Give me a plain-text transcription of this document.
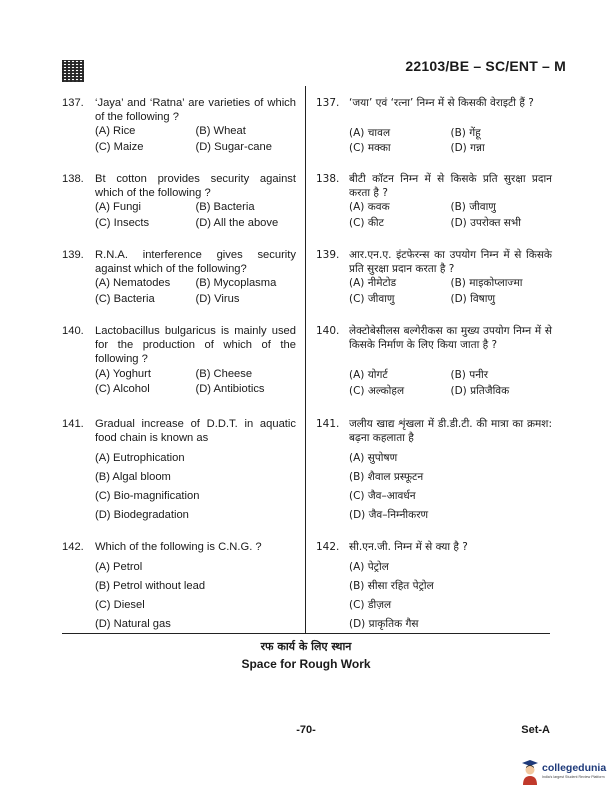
22103/BE – SC/ENT – M
137.	‘Jaya’ and ‘Ratna’ are varieties of which of the following ?
(A) Rice	(B) Wheat
(C) Maize	(D) Sugar-cane
138.	Bt cotton provides security against which of the following ?
(A) Fungi	(B) Bacteria
(C) Insects	(D) All the above
139.	R.N.A. interference gives security against which of the following?
(A) Nematodes	(B) Mycoplasma
(C) Bacteria	(D) Virus
140.	Lactobacillus bulgaricus is mainly used for the production of which of the following ?
(A) Yoghurt	(B) Cheese
(C) Alcohol	(D) Antibiotics
141.	Gradual increase of D.D.T. in aquatic food chain is known as
(A) Eutrophication
(B) Algal bloom
(C) Bio-magnification
(D) Biodegradation
142.	Which of the following is C.N.G. ?
(A) Petrol
(B) Petrol without lead
(C) Diesel
(D) Natural gas
137. ‘जया’ एवं ‘रत्ना’ निम्न में से किसकी वेराइटी हैं ?
(A) चावल	(B) गेंहू
(C) मक्का	(D) गन्ना
138. बीटी कॉटन निम्न में से किसके प्रति सुरक्षा प्रदान करता है ?
(A) कवक	(B) जीवाणु
(C) कीट	(D) उपरोक्त सभी
139. आर.एन.ए. इंटफेरन्स का उपयोग निम्न में से किसके प्रति सुरक्षा प्रदान करता है ?
(A) नीमेटोड	(B) माइकोप्लाज्मा
(C) जीवाणु	(D) विषाणु
140. लेक्टोबेसीलस बल्गेरीकस का मुख्य उपयोग निम्न में से किसके निर्माण के लिए किया जाता है ?
(A) योगर्ट	(B) पनीर
(C) अल्कोहल	(D) प्रतिजैविक
141. जलीय खाद्य शृंखला में डी.डी.टी. की मात्रा का क्रमश: बढ़ना कहलाता है
(A) सुपोषण
(B) शैवाल प्रस्फूटन
(C) जैव–आवर्धन
(D) जैव–निम्नीकरण
142. सी.एन.जी. निम्न में से क्या है ?
(A) पेट्रोल
(B) सीसा रहित पेट्रोल
(C) डीज़ल
(D) प्राकृतिक गैस
रफ कार्य के लिए स्थान
Space for Rough Work
-70-	Set-A
collegedunia
India's largest Student Review Platform
